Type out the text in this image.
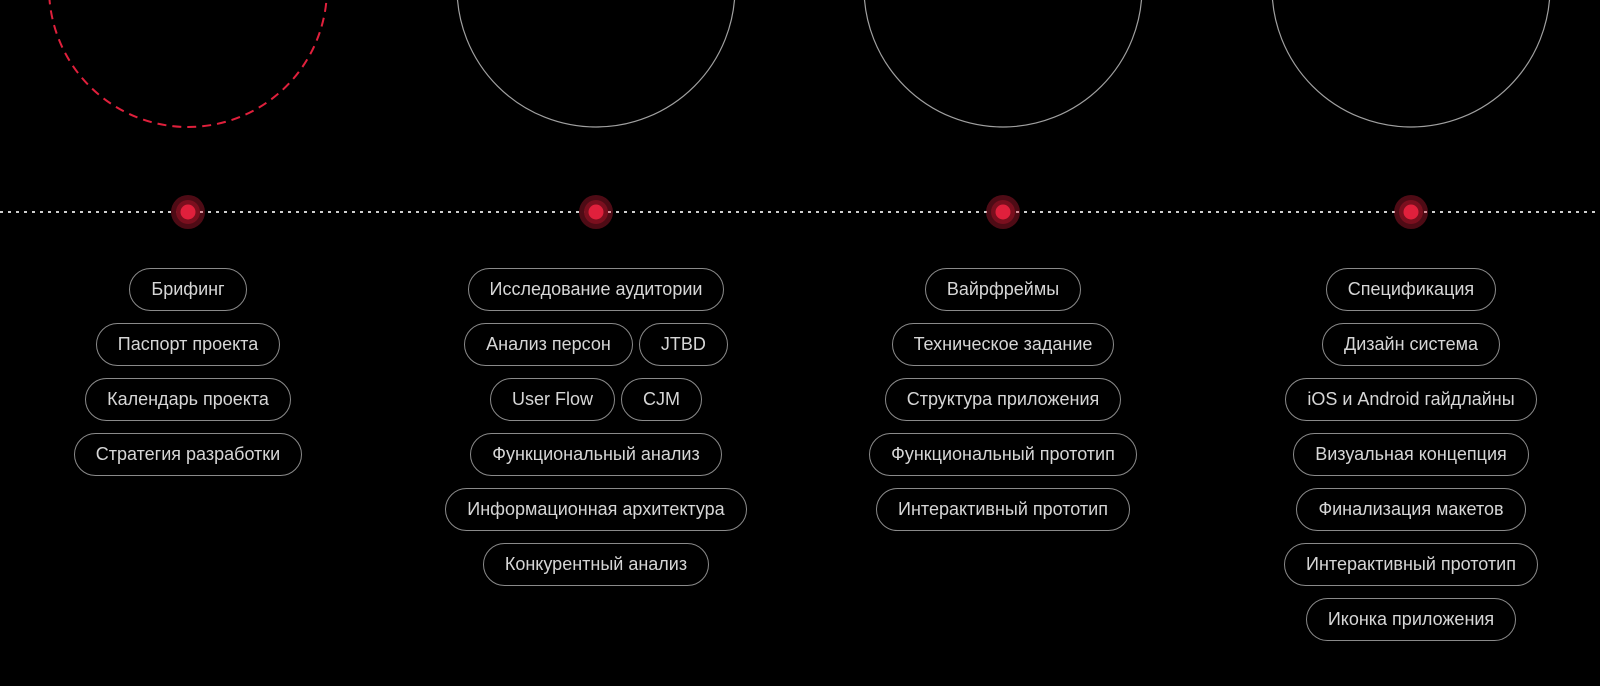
Брифинг
Паспорт проекта
Календарь проекта
Стратегия разработки
Исследование аудитории
Анализ персон	JTBD
User Flow	CJM
Функциональный анализ
Информационная архитектура
Конкурентный анализ
Вайрфреймы
Техническое задание
Структура приложения
Функциональный прототип
Интерактивный прототип
Спецификация
Дизайн система
iOS и Android гайдлайны
Визуальная концепция
Финализация макетов
Интерактивный прототип
Иконка приложения
